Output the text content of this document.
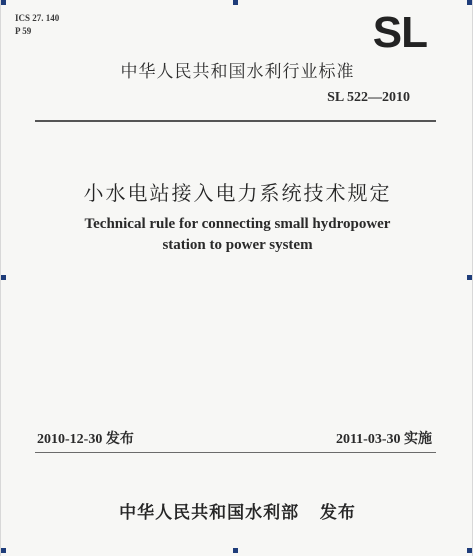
ICS 27. 140
P 59	SL
中华人民共和国水利行业标准
SL 522—2010
小水电站接入电力系统技术规定
Technical rule for connecting small hydropower
station to power system
2010-12-30 发布	2011-03-30 实施
中华人民共和国水利部   发布
